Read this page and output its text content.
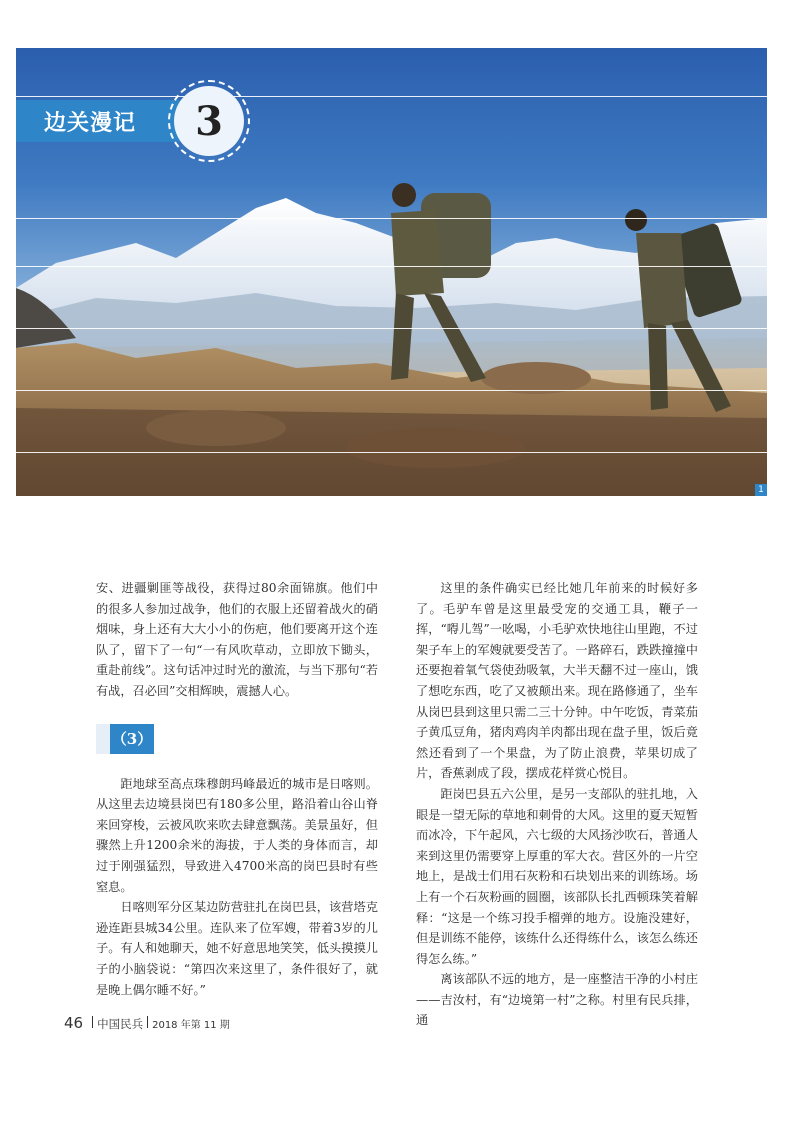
边关漫记	3
1

安、进疆剿匪等战役，获得过80余面锦旗。他们中的很多人参加过战争，他们的衣服上还留着战火的硝烟味，身上还有大大小小的伤疤，他们要离开这个连队了，留下了一句“一有风吹草动，立即放下锄头，重赴前线”。这句话冲过时光的激流，与当下那句“若有战，召必回”交相辉映，震撼人心。

（3）

距地球至高点珠穆朗玛峰最近的城市是日喀则。从这里去边境县岗巴有180多公里，路沿着山谷山脊来回穿梭，云被风吹来吹去肆意飘荡。美景虽好，但骤然上升1200余米的海拔，于人类的身体而言，却过于刚强猛烈，导致进入4700米高的岗巴县时有些窒息。

日喀则军分区某边防营驻扎在岗巴县，该营塔克逊连距县城34公里。连队来了位军嫂，带着3岁的儿子。有人和她聊天，她不好意思地笑笑，低头摸摸儿子的小脑袋说：“第四次来这里了，条件很好了，就是晚上偶尔睡不好。”

这里的条件确实已经比她几年前来的时候好多了。毛驴车曾是这里最受宠的交通工具，鞭子一挥，“嘚儿驾”一吆喝，小毛驴欢快地往山里跑，不过架子车上的军嫂就要受苦了。一路碎石，跌跌撞撞中还要抱着氧气袋使劲吸氧，大半天翻不过一座山，饿了想吃东西，吃了又被颠出来。现在路修通了，坐车从岗巴县到这里只需二三十分钟。中午吃饭，青菜茄子黄瓜豆角，猪肉鸡肉羊肉都出现在盘子里，饭后竟然还看到了一个果盘，为了防止浪费，苹果切成了片，香蕉剥成了段，摆成花样赏心悦目。

距岗巴县五六公里，是另一支部队的驻扎地，入眼是一望无际的草地和刺骨的大风。这里的夏天短暂而冰冷，下午起风，六七级的大风扬沙吹石，普通人来到这里仍需要穿上厚重的军大衣。营区外的一片空地上，是战士们用石灰粉和石块划出来的训练场。场上有一个石灰粉画的圆圈，该部队长扎西顿珠笑着解释：“这是一个练习投手榴弹的地方。设施没建好，但是训练不能停，该练什么还得练什么，该怎么练还得怎么练。”

离该部队不远的地方，是一座整洁干净的小村庄——吉汝村，有“边境第一村”之称。村里有民兵排，通

46 中国民兵 2018 年第 11 期
